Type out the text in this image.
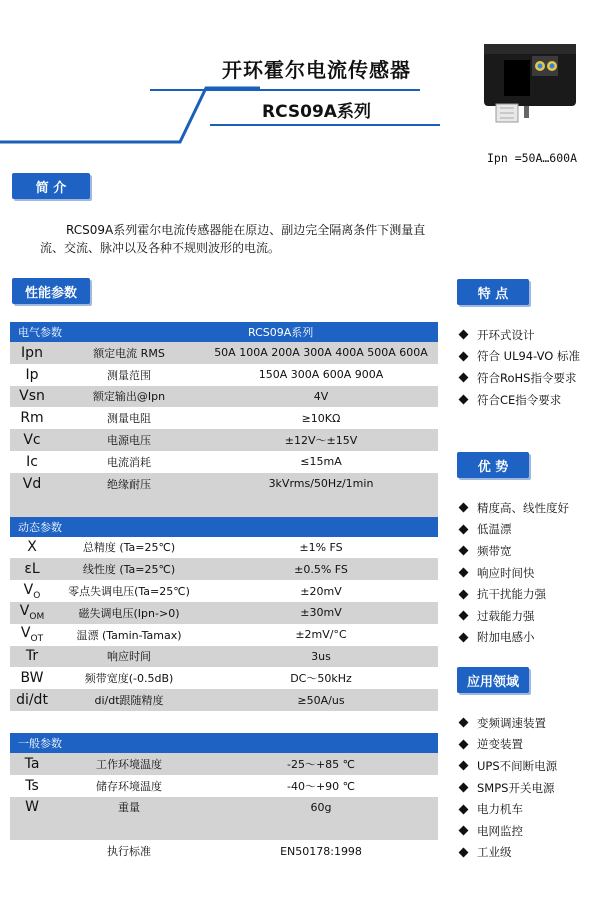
开环霍尔电流传感器
RCS09A系列
Ipn =50A…600A
简 介
RCS09A系列霍尔电流传感器能在原边、副边完全隔离条件下测量直流、交流、脉冲以及各种不规则波形的电流。
性能参数
电气参数	RCS09A系列
Ipn	额定电流 RMS	50A 100A 200A 300A 400A 500A 600A
Ip	测量范围	150A 300A 600A 900A
Vsn	额定输出@Ipn	4V
Rm	测量电阻	≥10KΩ
Vc	电源电压	±12V～±15V
Ic	电流消耗	≤15mA
Vd	绝缘耐压	3kVrms/50Hz/1min
动态参数
X	总精度 (Ta=25℃)	±1% FS
εL	线性度 (Ta=25℃)	±0.5% FS
$V_O$	零点失调电压(Ta=25℃)	±20mV
$V_{OM}$	磁失调电压(Ipn->0)	±30mV
$V_{OT}$	温漂 (Tamin-Tamax)	±2mV/°C
Tr	响应时间	3us
BW	频带宽度(-0.5dB)	DC～50kHz
di/dt	di/dt跟随精度	≥50A/us
一般参数
Ta	工作环境温度	-25～+85 ℃
Ts	储存环境温度	-40～+90 ℃
W	重量	60g
执行标准	EN50178:1998
特 点
开环式设计
符合 UL94-VO 标准
符合RoHS指令要求
符合CE指令要求
优 势
精度高、线性度好
低温漂
频带宽
响应时间快
抗干扰能力强
过载能力强
附加电感小
应用领域
变频调速装置
逆变装置
UPS不间断电源
SMPS开关电源
电力机车
电网监控
工业级
